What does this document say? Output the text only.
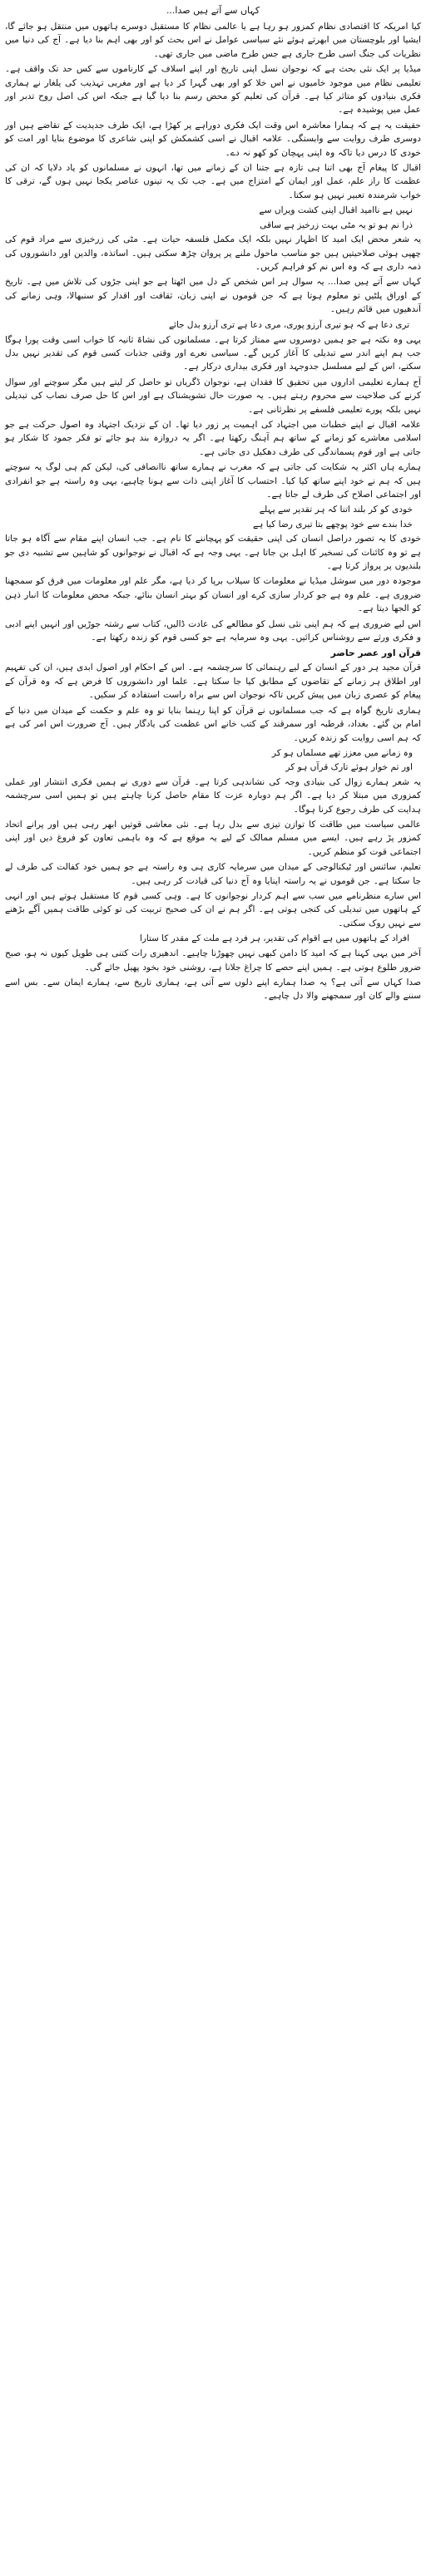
کہاں سے آتے ہیں صدا...

کیا امریکہ کا اقتصادی نظام کمزور ہو رہا ہے یا عالمی نظام کا مستقبل دوسرے ہاتھوں میں منتقل ہو جائے گا، ایشیا اور بلوچستان میں ابھرتے ہوئے نئے سیاسی عوامل نے اس بحث کو اور بھی اہم بنا دیا ہے۔ آج کی دنیا میں نظریات کی جنگ اسی طرح جاری ہے جس طرح ماضی میں جاری تھی۔

میڈیا پر ایک نئی بحث ہے کہ نوجوان نسل اپنی تاریخ اور اپنے اسلاف کے کارناموں سے کس حد تک واقف ہے۔ تعلیمی نظام میں موجود خامیوں نے اس خلا کو اور بھی گہرا کر دیا ہے اور مغربی تہذیب کی یلغار نے ہماری فکری بنیادوں کو متاثر کیا ہے۔ قرآن کی تعلیم کو محض رسم بنا دیا گیا ہے جبکہ اس کی اصل روح تدبر اور عمل میں پوشیدہ ہے۔

حقیقت یہ ہے کہ ہمارا معاشرہ اس وقت ایک فکری دوراہے پر کھڑا ہے، ایک طرف جدیدیت کے تقاضے ہیں اور دوسری طرف روایت سے وابستگی۔ علامہ اقبال نے اسی کشمکش کو اپنی شاعری کا موضوع بنایا اور امت کو خودی کا درس دیا تاکہ وہ اپنی پہچان کو کھو نہ دے۔

اقبال کا پیغام آج بھی اتنا ہی تازہ ہے جتنا ان کے زمانے میں تھا، انہوں نے مسلمانوں کو یاد دلایا کہ ان کی عظمت کا راز علم، عمل اور ایمان کے امتزاج میں ہے۔ جب تک یہ تینوں عناصر یکجا نہیں ہوں گے، ترقی کا خواب شرمندہ تعبیر نہیں ہو سکتا۔

نہیں ہے ناامید اقبال اپنی کشت ویراں سے
ذرا نم ہو تو یہ مٹی بہت زرخیز ہے ساقی

یہ شعر محض ایک امید کا اظہار نہیں بلکہ ایک مکمل فلسفہ حیات ہے۔ مٹی کی زرخیزی سے مراد قوم کی چھپی ہوئی صلاحیتیں ہیں جو مناسب ماحول ملنے پر پروان چڑھ سکتی ہیں۔ اساتذہ، والدین اور دانشوروں کی ذمہ داری ہے کہ وہ اس نم کو فراہم کریں۔

کہاں سے آتے ہیں صدا... یہ سوال ہر اس شخص کے دل میں اٹھتا ہے جو اپنی جڑوں کی تلاش میں ہے۔ تاریخ کے اوراق پلٹیں تو معلوم ہوتا ہے کہ جن قوموں نے اپنی زبان، ثقافت اور اقدار کو سنبھالا، وہی زمانے کی آندھیوں میں قائم رہیں۔

تری دعا ہے کہ ہو تیری آرزو پوری، مری دعا ہے تری آرزو بدل جائے

یہی وہ نکتہ ہے جو ہمیں دوسروں سے ممتاز کرتا ہے۔ مسلمانوں کی نشاۃ ثانیہ کا خواب اسی وقت پورا ہوگا جب ہم اپنے اندر سے تبدیلی کا آغاز کریں گے۔ سیاسی نعرے اور وقتی جذبات کسی قوم کی تقدیر نہیں بدل سکتے، اس کے لیے مسلسل جدوجہد اور فکری بیداری درکار ہے۔

آج ہمارے تعلیمی اداروں میں تحقیق کا فقدان ہے، نوجوان ڈگریاں تو حاصل کر لیتے ہیں مگر سوچنے اور سوال کرنے کی صلاحیت سے محروم رہتے ہیں۔ یہ صورت حال تشویشناک ہے اور اس کا حل صرف نصاب کی تبدیلی نہیں بلکہ پورے تعلیمی فلسفے پر نظرثانی ہے۔

علامہ اقبال نے اپنے خطبات میں اجتہاد کی اہمیت پر زور دیا تھا۔ ان کے نزدیک اجتہاد وہ اصول حرکت ہے جو اسلامی معاشرے کو زمانے کے ساتھ ہم آہنگ رکھتا ہے۔ اگر یہ دروازہ بند ہو جائے تو فکر جمود کا شکار ہو جاتی ہے اور قوم پسماندگی کی طرف دھکیل دی جاتی ہے۔

ہمارے ہاں اکثر یہ شکایت کی جاتی ہے کہ مغرب نے ہمارے ساتھ ناانصافی کی، لیکن کم ہی لوگ یہ سوچتے ہیں کہ ہم نے خود اپنے ساتھ کیا کیا۔ احتساب کا آغاز اپنی ذات سے ہونا چاہیے، یہی وہ راستہ ہے جو انفرادی اور اجتماعی اصلاح کی طرف لے جاتا ہے۔

خودی کو کر بلند اتنا کہ ہر تقدیر سے پہلے
خدا بندے سے خود پوچھے بتا تیری رضا کیا ہے

خودی کا یہ تصور دراصل انسان کی اپنی حقیقت کو پہچاننے کا نام ہے۔ جب انسان اپنے مقام سے آگاہ ہو جاتا ہے تو وہ کائنات کی تسخیر کا اہل بن جاتا ہے۔ یہی وجہ ہے کہ اقبال نے نوجوانوں کو شاہین سے تشبیہ دی جو بلندیوں پر پرواز کرتا ہے۔

موجودہ دور میں سوشل میڈیا نے معلومات کا سیلاب برپا کر دیا ہے، مگر علم اور معلومات میں فرق کو سمجھنا ضروری ہے۔ علم وہ ہے جو کردار سازی کرے اور انسان کو بہتر انسان بنائے، جبکہ محض معلومات کا انبار ذہن کو الجھا دیتا ہے۔

اس لیے ضروری ہے کہ ہم اپنی نئی نسل کو مطالعے کی عادت ڈالیں، کتاب سے رشتہ جوڑیں اور انہیں اپنے ادبی و فکری ورثے سے روشناس کرائیں۔ یہی وہ سرمایہ ہے جو کسی قوم کو زندہ رکھتا ہے۔

قرآن اور عصر حاضر

قرآن مجید ہر دور کے انسان کے لیے رہنمائی کا سرچشمہ ہے۔ اس کے احکام اور اصول ابدی ہیں، ان کی تفہیم اور اطلاق ہر زمانے کے تقاضوں کے مطابق کیا جا سکتا ہے۔ علما اور دانشوروں کا فرض ہے کہ وہ قرآن کے پیغام کو عصری زبان میں پیش کریں تاکہ نوجوان اس سے براہ راست استفادہ کر سکیں۔

ہماری تاریخ گواہ ہے کہ جب مسلمانوں نے قرآن کو اپنا رہنما بنایا تو وہ علم و حکمت کے میدان میں دنیا کے امام بن گئے۔ بغداد، قرطبہ اور سمرقند کے کتب خانے اس عظمت کی یادگار ہیں۔ آج ضرورت اس امر کی ہے کہ ہم اسی روایت کو زندہ کریں۔

وہ زمانے میں معزز تھے مسلماں ہو کر
اور تم خوار ہوئے تارک قرآں ہو کر

یہ شعر ہمارے زوال کی بنیادی وجہ کی نشاندہی کرتا ہے۔ قرآن سے دوری نے ہمیں فکری انتشار اور عملی کمزوری میں مبتلا کر دیا ہے۔ اگر ہم دوبارہ عزت کا مقام حاصل کرنا چاہتے ہیں تو ہمیں اسی سرچشمہ ہدایت کی طرف رجوع کرنا ہوگا۔

عالمی سیاست میں طاقت کا توازن تیزی سے بدل رہا ہے۔ نئی معاشی قوتیں ابھر رہی ہیں اور پرانے اتحاد کمزور پڑ رہے ہیں۔ ایسے میں مسلم ممالک کے لیے یہ موقع ہے کہ وہ باہمی تعاون کو فروغ دیں اور اپنی اجتماعی قوت کو منظم کریں۔

تعلیم، سائنس اور ٹیکنالوجی کے میدان میں سرمایہ کاری ہی وہ راستہ ہے جو ہمیں خود کفالت کی طرف لے جا سکتا ہے۔ جن قوموں نے یہ راستہ اپنایا وہ آج دنیا کی قیادت کر رہی ہیں۔

اس سارے منظرنامے میں سب سے اہم کردار نوجوانوں کا ہے۔ وہی کسی قوم کا مستقبل ہوتے ہیں اور انہی کے ہاتھوں میں تبدیلی کی کنجی ہوتی ہے۔ اگر ہم نے ان کی صحیح تربیت کی تو کوئی طاقت ہمیں آگے بڑھنے سے نہیں روک سکتی۔

افراد کے ہاتھوں میں ہے اقوام کی تقدیر، ہر فرد ہے ملت کے مقدر کا ستارا

آخر میں یہی کہنا ہے کہ امید کا دامن کبھی نہیں چھوڑنا چاہیے۔ اندھیری رات کتنی ہی طویل کیوں نہ ہو، صبح ضرور طلوع ہوتی ہے۔ ہمیں اپنے حصے کا چراغ جلانا ہے، روشنی خود بخود پھیل جائے گی۔

صدا کہاں سے آتی ہے؟ یہ صدا ہمارے اپنے دلوں سے آتی ہے، ہماری تاریخ سے، ہمارے ایمان سے۔ بس اسے سننے والے کان اور سمجھنے والا دل چاہیے۔
